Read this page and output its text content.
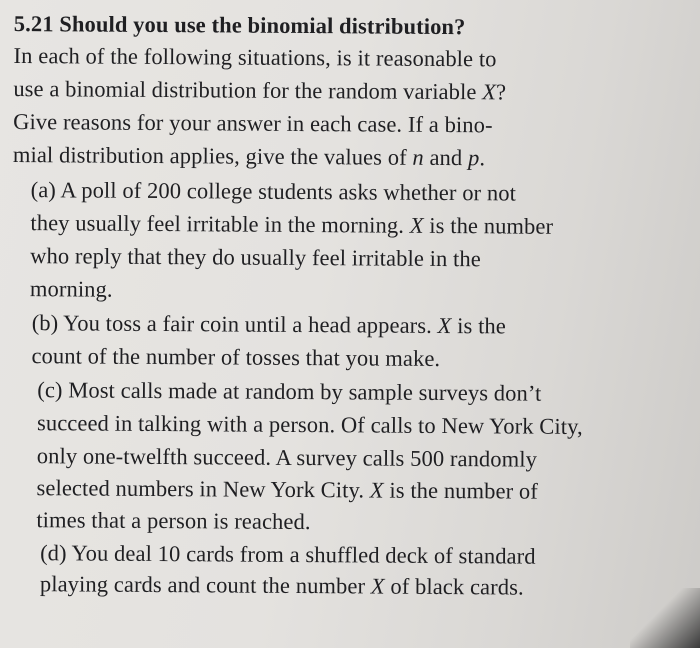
5.21 Should you use the binomial distribution?
In each of the following situations, is it reasonable to
use a binomial distribution for the random variable X?
Give reasons for your answer in each case. If a bino-
mial distribution applies, give the values of n and p.
(a) A poll of 200 college students asks whether or not
they usually feel irritable in the morning. X is the number
who reply that they do usually feel irritable in the
morning.
(b) You toss a fair coin until a head appears. X is the
count of the number of tosses that you make.
(c) Most calls made at random by sample surveys don’t
succeed in talking with a person. Of calls to New York City,
only one-twelfth succeed. A survey calls 500 randomly
selected numbers in New York City. X is the number of
times that a person is reached.
(d) You deal 10 cards from a shuffled deck of standard
playing cards and count the number X of black cards.
